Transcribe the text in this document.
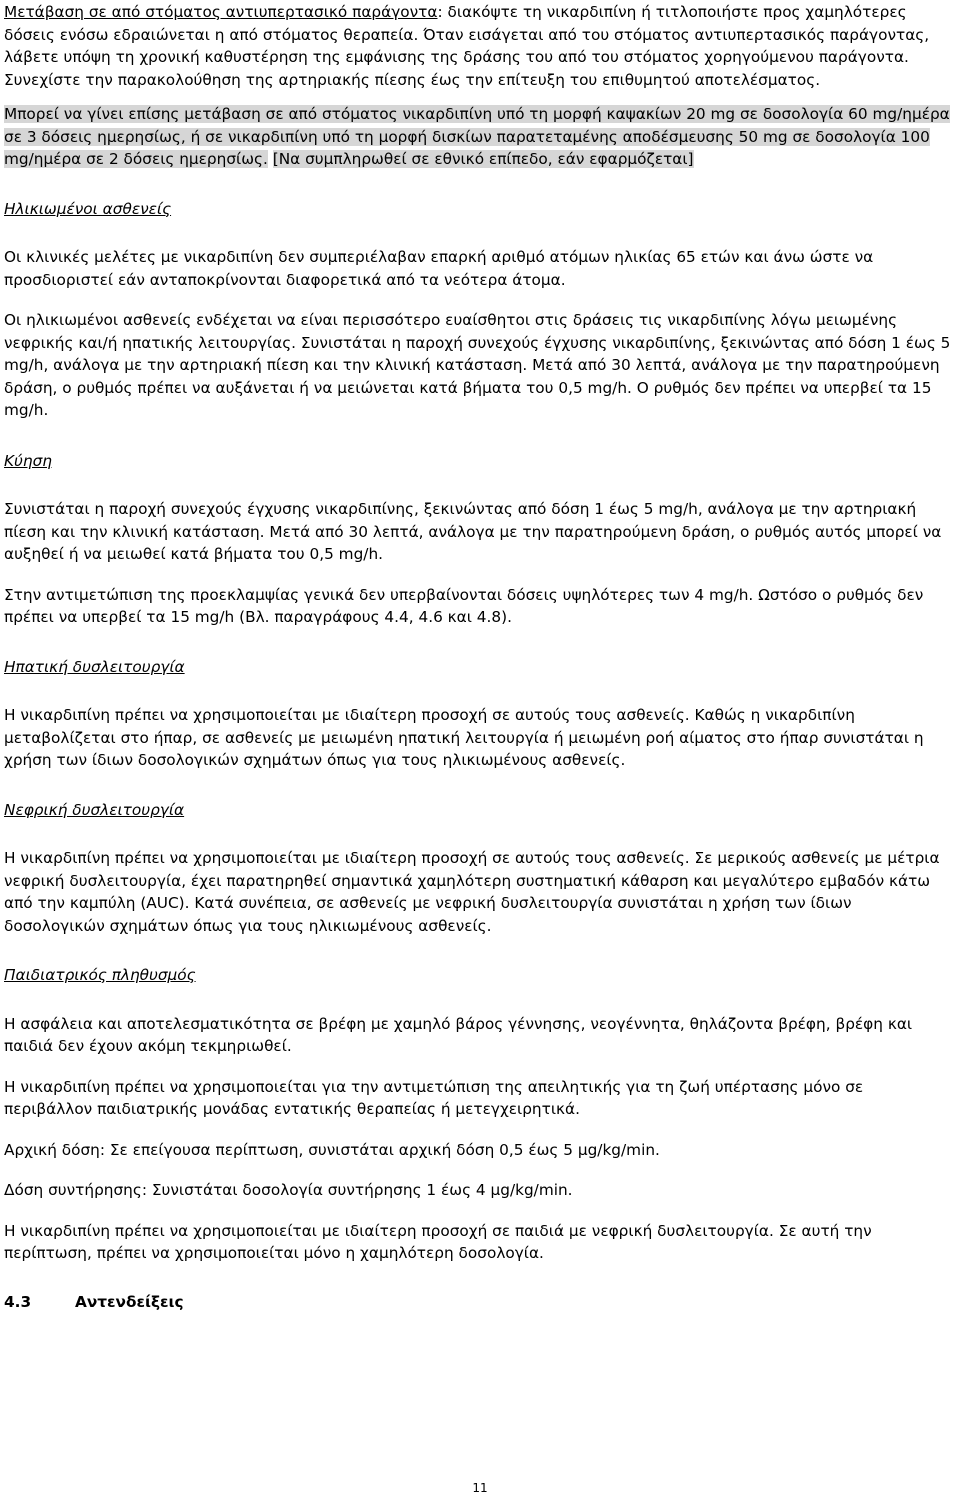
Μετάβαση σε από στόματος αντιυπερτασικό παράγοντα: διακόψτε τη νικαρδιπίνη ή τιτλοποιήστε προς χαμηλότερες δόσεις ενόσω εδραιώνεται η από στόματος θεραπεία. Όταν εισάγεται από του στόματος αντιυπερτασικός παράγοντας, λάβετε υπόψη τη χρονική καθυστέρηση της εμφάνισης της δράσης του από του στόματος χορηγούμενου παράγοντα. Συνεχίστε την παρακολούθηση της αρτηριακής πίεσης έως την επίτευξη του επιθυμητού αποτελέσματος.

Μπορεί να γίνει επίσης μετάβαση σε από στόματος νικαρδιπίνη υπό τη μορφή καψακίων 20 mg σε δοσολογία 60 mg/ημέρα σε 3 δόσεις ημερησίως, ή σε νικαρδιπίνη υπό τη μορφή δισκίων παρατεταμένης αποδέσμευσης 50 mg σε δοσολογία 100 mg/ημέρα σε 2 δόσεις ημερησίως. [Να συμπληρωθεί σε εθνικό επίπεδο, εάν εφαρμόζεται]

Ηλικιωμένοι ασθενείς

Οι κλινικές μελέτες με νικαρδιπίνη δεν συμπεριέλαβαν επαρκή αριθμό ατόμων ηλικίας 65 ετών και άνω ώστε να προσδιοριστεί εάν ανταποκρίνονται διαφορετικά από τα νεότερα άτομα.

Οι ηλικιωμένοι ασθενείς ενδέχεται να είναι περισσότερο ευαίσθητοι στις δράσεις τις νικαρδιπίνης λόγω μειωμένης νεφρικής και/ή ηπατικής λειτουργίας. Συνιστάται η παροχή συνεχούς έγχυσης νικαρδιπίνης, ξεκινώντας από δόση 1 έως 5 mg/h, ανάλογα με την αρτηριακή πίεση και την κλινική κατάσταση. Μετά από 30 λεπτά, ανάλογα με την παρατηρούμενη δράση, ο ρυθμός πρέπει να αυξάνεται ή να μειώνεται κατά βήματα του 0,5 mg/h. Ο ρυθμός δεν πρέπει να υπερβεί τα 15 mg/h.

Κύηση

Συνιστάται η παροχή συνεχούς έγχυσης νικαρδιπίνης, ξεκινώντας από δόση 1 έως 5 mg/h, ανάλογα με την αρτηριακή πίεση και την κλινική κατάσταση. Μετά από 30 λεπτά, ανάλογα με την παρατηρούμενη δράση, ο ρυθμός αυτός μπορεί να αυξηθεί ή να μειωθεί κατά βήματα του 0,5 mg/h.

Στην αντιμετώπιση της προεκλαμψίας γενικά δεν υπερβαίνονται δόσεις υψηλότερες των 4 mg/h. Ωστόσο ο ρυθμός δεν πρέπει να υπερβεί τα 15 mg/h (Βλ. παραγράφους 4.4, 4.6 και 4.8).

Ηπατική δυσλειτουργία

Η νικαρδιπίνη πρέπει να χρησιμοποιείται με ιδιαίτερη προσοχή σε αυτούς τους ασθενείς. Καθώς η νικαρδιπίνη μεταβολίζεται στο ήπαρ, σε ασθενείς με μειωμένη ηπατική λειτουργία ή μειωμένη ροή αίματος στο ήπαρ συνιστάται η χρήση των ίδιων δοσολογικών σχημάτων όπως για τους ηλικιωμένους ασθενείς.

Νεφρική δυσλειτουργία

Η νικαρδιπίνη πρέπει να χρησιμοποιείται με ιδιαίτερη προσοχή σε αυτούς τους ασθενείς. Σε μερικούς ασθενείς με μέτρια νεφρική δυσλειτουργία, έχει παρατηρηθεί σημαντικά χαμηλότερη συστηματική κάθαρση και μεγαλύτερο εμβαδόν κάτω από την καμπύλη (AUC). Κατά συνέπεια, σε ασθενείς με νεφρική δυσλειτουργία συνιστάται η χρήση των ίδιων δοσολογικών σχημάτων όπως για τους ηλικιωμένους ασθενείς.

Παιδιατρικός πληθυσμός

Η ασφάλεια και αποτελεσματικότητα σε βρέφη με χαμηλό βάρος γέννησης, νεογέννητα, θηλάζοντα βρέφη, βρέφη και παιδιά δεν έχουν ακόμη τεκμηριωθεί.

Η νικαρδιπίνη πρέπει να χρησιμοποιείται για την αντιμετώπιση της απειλητικής για τη ζωή υπέρτασης μόνο σε περιβάλλον παιδιατρικής μονάδας εντατικής θεραπείας ή μετεγχειρητικά.

Αρχική δόση: Σε επείγουσα περίπτωση, συνιστάται αρχική δόση 0,5 έως 5 μg/kg/min.

Δόση συντήρησης: Συνιστάται δοσολογία συντήρησης 1 έως 4 μg/kg/min.

Η νικαρδιπίνη πρέπει να χρησιμοποιείται με ιδιαίτερη προσοχή σε παιδιά με νεφρική δυσλειτουργία. Σε αυτή την περίπτωση, πρέπει να χρησιμοποιείται μόνο η χαμηλότερη δοσολογία.

4.3	Αντενδείξεις
11
